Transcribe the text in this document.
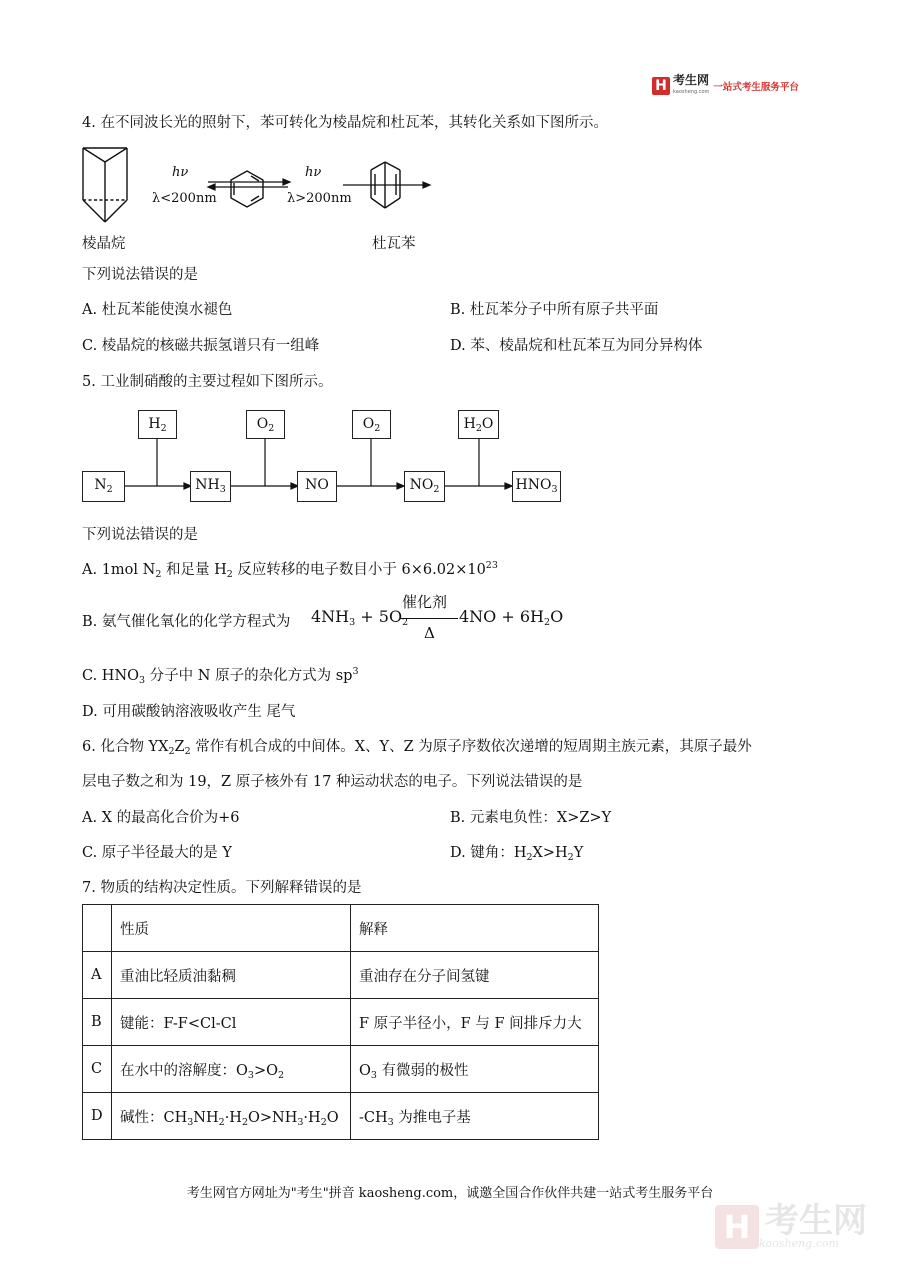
H 考生网
kaosheng.com 一站式考生服务平台
4. 在不同波长光的照射下，苯可转化为棱晶烷和杜瓦苯，其转化关系如下图所示。
hν
λ<200nm
hν
λ>200nm
棱晶烷	杜瓦苯
下列说法错误的是
A. 杜瓦苯能使溴水褪色	B. 杜瓦苯分子中所有原子共平面
C. 棱晶烷的核磁共振氢谱只有一组峰	D. 苯、棱晶烷和杜瓦苯互为同分异构体
5. 工业制硝酸的主要过程如下图所示。
$H_2$	$O_2$	$O_2$	$H_2O$
$N_2$	$NH_3$	NO	$NO_2$	$HNO_3$
下列说法错误的是
A. 1mol $N_2$ 和足量 $H_2$ 反应转移的电子数目小于 $6\times 6.02\times 10^{23}$
B. 氨气催化氧化的化学方程式为 $4NH_3 + 5O_2$
催化剂
Δ
$4NO + 6H_2O$
C. $HNO_3$ 分子中 N 原子的杂化方式为 $sp^3$
D. 可用碳酸钠溶液吸收产生 尾气
6. 化合物 $YX_2Z_2$ 常作有机合成的中间体。X、Y、Z 为原子序数依次递增的短周期主族元素，其原子最外
层电子数之和为 19，Z 原子核外有 17 种运动状态的电子。下列说法错误的是
A. X 的最高化合价为+6	B. 元素电负性：X>Z>Y
C. 原子半径最大的是 Y	D. 键角：$H_2X>H_2Y$
7. 物质的结构决定性质。下列解释错误的是
	性质	解释
A	重油比轻质油黏稠	重油存在分子间氢键
B	键能：F-F<Cl-Cl	F 原子半径小，F 与 F 间排斥力大
C	在水中的溶解度：$O_3>O_2$	$O_3$ 有微弱的极性
D	碱性：$CH_3NH_2\cdot H_2O>NH_3\cdot H_2O$	$-CH_3$ 为推电子基
考生网官方网址为"考生"拼音 kaosheng.com，诚邀全国合作伙伴共建一站式考生服务平台
H 考生网
kaosheng.com
